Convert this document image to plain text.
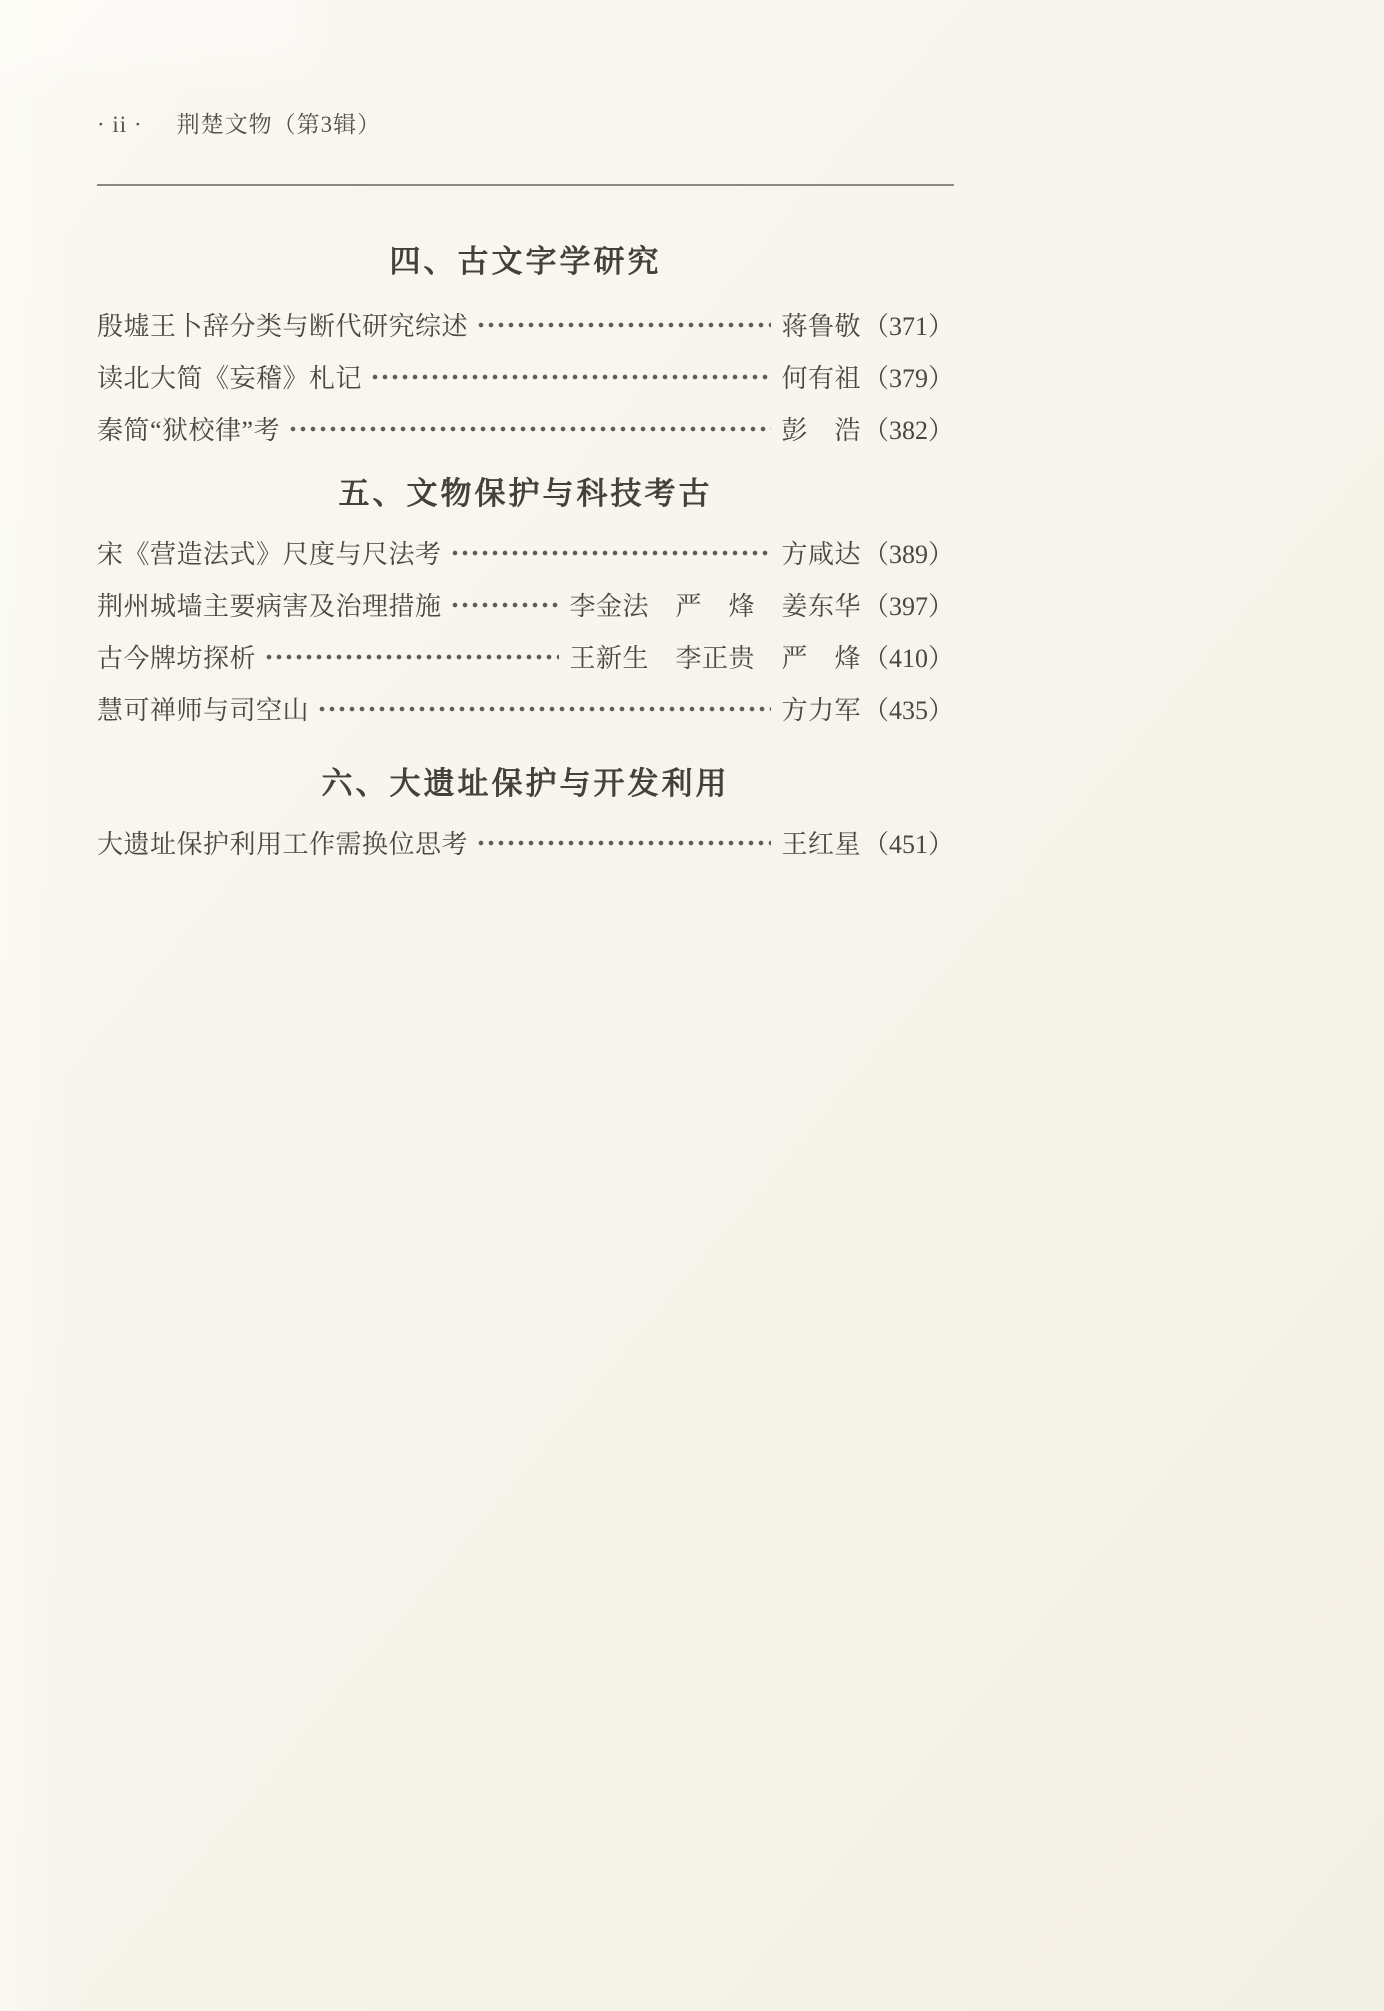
· ii · 荆楚文物（第3辑）
四、古文字学研究
殷墟王卜辞分类与断代研究综述	蒋鲁敬 （371）
读北大简《妄稽》札记	何有祖 （379）
秦简“狱校律”考	彭　浩 （382）
五、文物保护与科技考古
宋《营造法式》尺度与尺法考	方咸达 （389）
荆州城墙主要病害及治理措施	李金法　严　烽　姜东华 （397）
古今牌坊探析	王新生　李正贵　严　烽 （410）
慧可禅师与司空山	方力军 （435）
六、大遗址保护与开发利用
大遗址保护利用工作需换位思考	王红星 （451）
